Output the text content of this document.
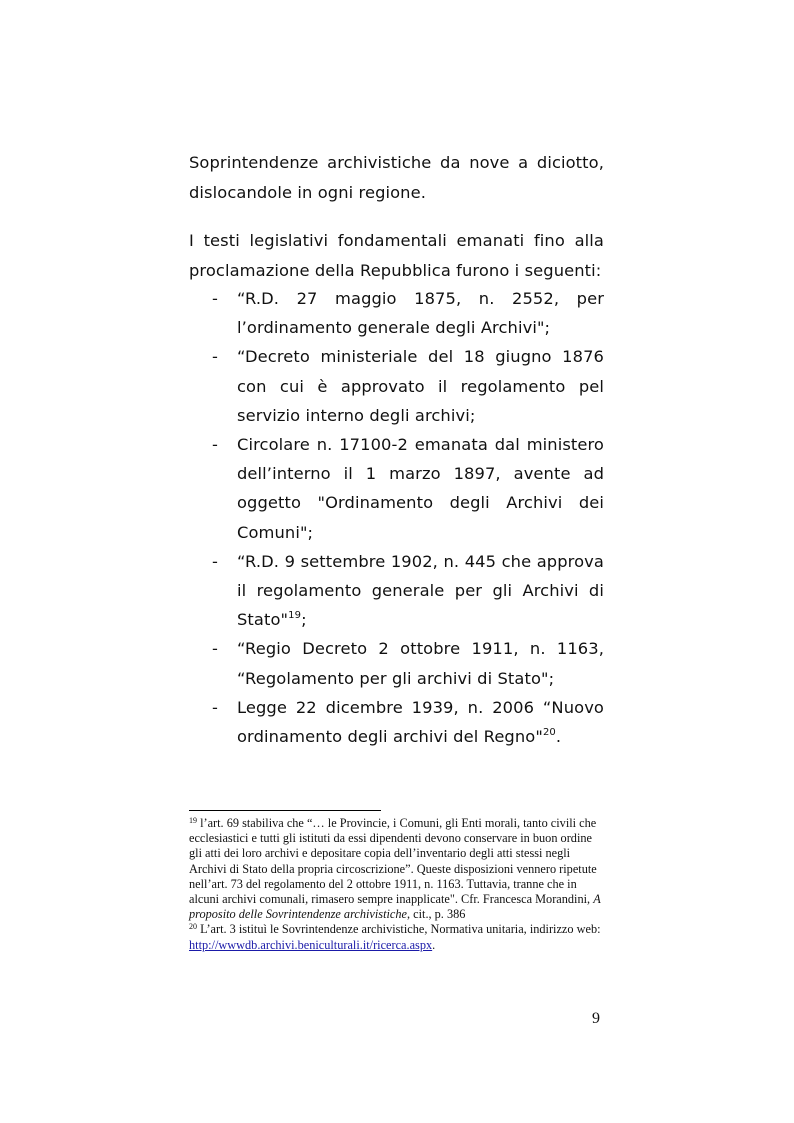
Soprintendenze archivistiche da nove a diciotto, dislocandole in ogni regione.

I testi legislativi fondamentali emanati fino alla proclamazione della Repubblica furono i seguenti:

- “R.D. 27 maggio 1875, n. 2552, per l’ordinamento generale degli Archivi";
- “Decreto ministeriale del 18 giugno 1876 con cui è approvato il regolamento pel servizio interno degli archivi;
- Circolare n. 17100-2 emanata dal ministero dell’interno il 1 marzo 1897, avente ad oggetto "Ordinamento degli Archivi dei Comuni";
- “R.D. 9 settembre 1902, n. 445 che approva il regolamento generale per gli Archivi di Stato"$^{19}$;
- “Regio Decreto 2 ottobre 1911, n. 1163, “Regolamento per gli archivi di Stato";
- Legge 22 dicembre 1939, n. 2006 “Nuovo ordinamento degli archivi del Regno"$^{20}$.

$^{19}$ l’art. 69 stabiliva che “… le Provincie, i Comuni, gli Enti morali, tanto civili che ecclesiastici e tutti gli istituti da essi dipendenti devono conservare in buon ordine gli atti dei loro archivi e depositare copia dell’inventario degli atti stessi negli Archivi di Stato della propria circoscrizione”. Queste disposizioni vennero ripetute nell’art. 73 del regolamento del 2 ottobre 1911, n. 1163. Tuttavia, tranne che in alcuni archivi comunali, rimasero sempre inapplicate". Cfr. Francesca Morandini, A proposito delle Sovrintendenze archivistiche, cit., p. 386

$^{20}$ L’art. 3 istituì le Sovrintendenze archivistiche, Normativa unitaria, indirizzo web: http://wwwdb.archivi.beniculturali.it/ricerca.aspx.

9
